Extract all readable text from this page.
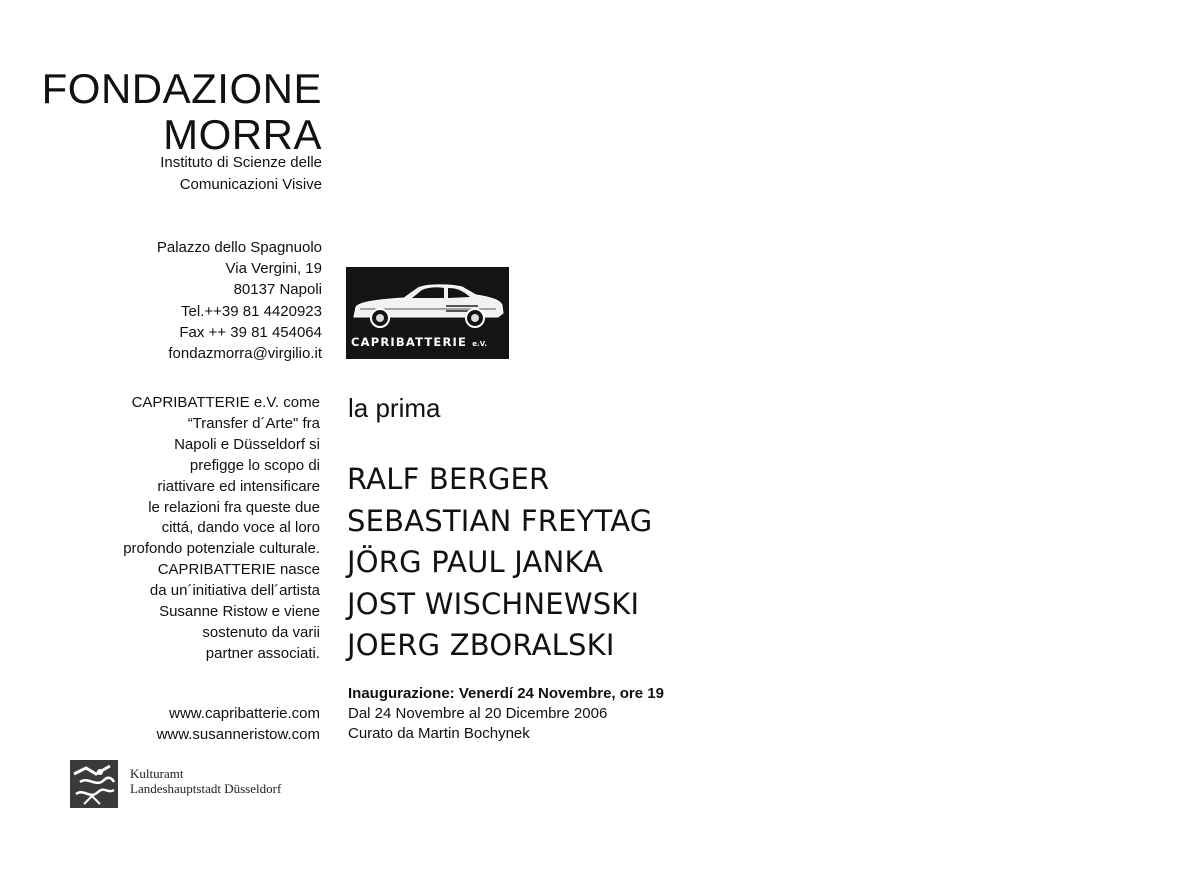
FONDAZIONE
MORRA
Instituto di Scienze delle
Comunicazioni Visive
Palazzo dello Spagnuolo
Via Vergini, 19
80137 Napoli
Tel.++39 81 4420923
Fax ++ 39 81 454064
fondazmorra@virgilio.it
CAPRIBATTERIE e.V. come
“Transfer d´Arte" fra
Napoli e Düsseldorf si
prefigge lo scopo di
riattivare ed intensificare
le relazioni fra queste due
cittá, dando voce al loro
profondo potenziale culturale.
CAPRIBATTERIE nasce
da un´initiativa dell´artista
Susanne Ristow e viene
sostenuto da varii
partner associati.
www.capribatterie.com
www.susanneristow.com
Kulturamt
Landeshauptstadt Düsseldorf
CAPRIBATTERIE e.V.
la prima
RALF BERGER
SEBASTIAN FREYTAG
JÖRG PAUL JANKA
JOST WISCHNEWSKI
JOERG ZBORALSKI
Inaugurazione: Venerdí 24 Novembre, ore 19
Dal 24 Novembre al 20 Dicembre 2006
Curato da Martin Bochynek
